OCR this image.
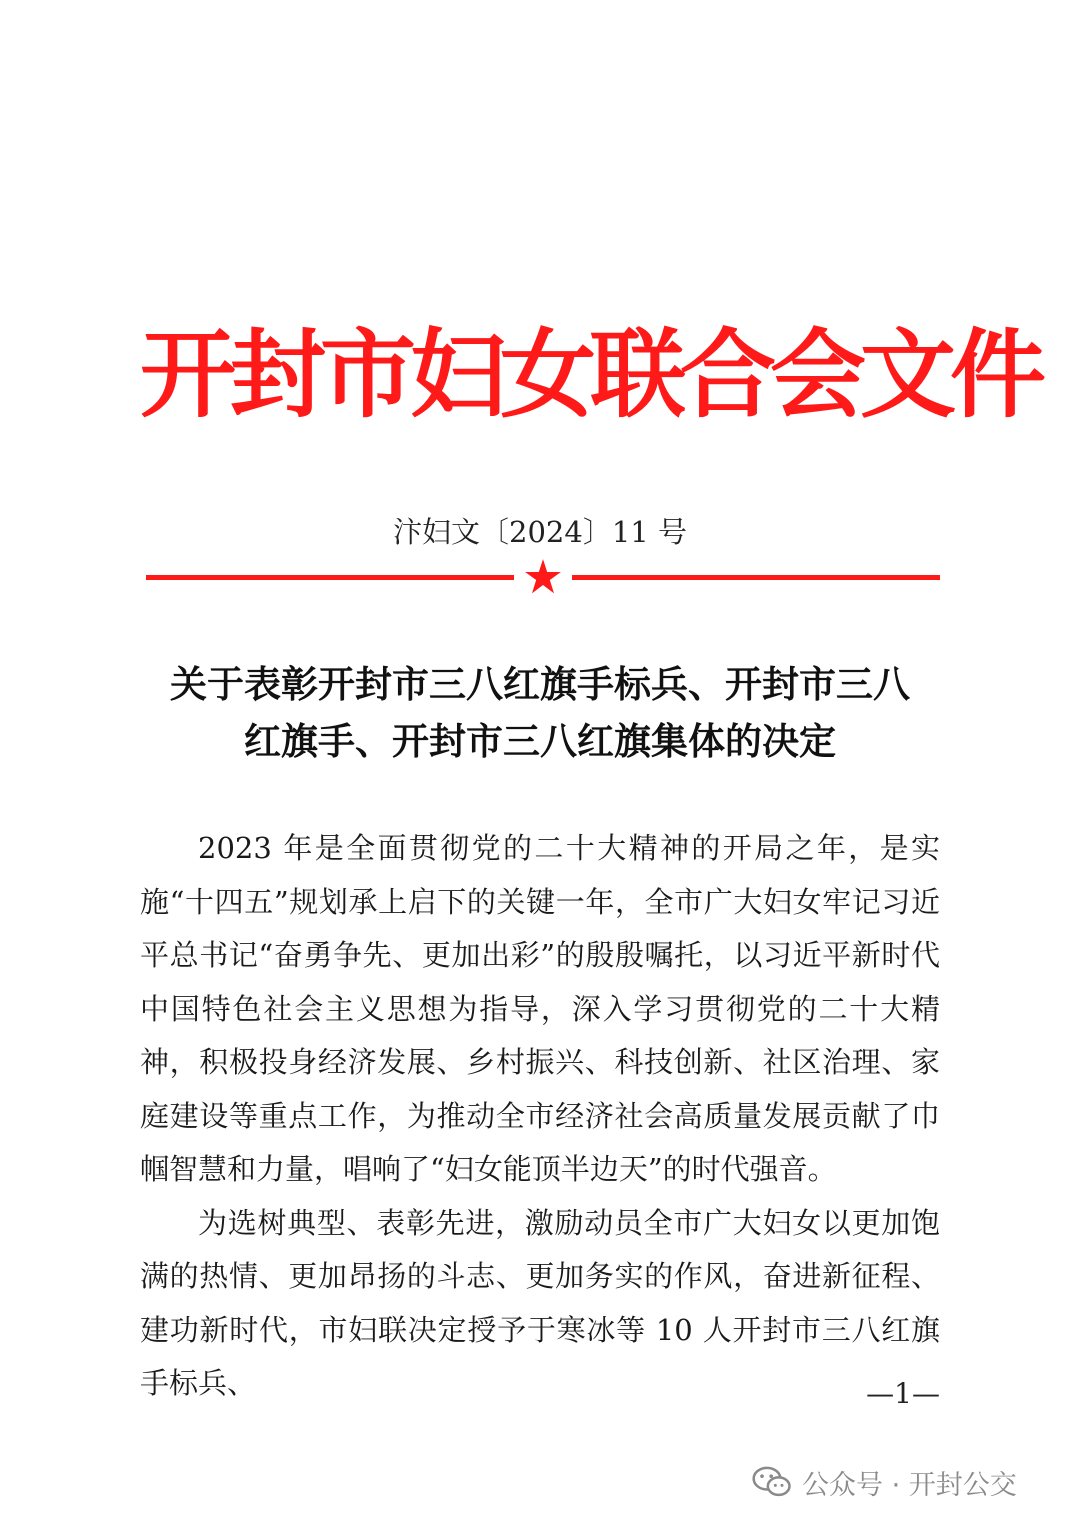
开封市妇女联合会文件
汴妇文〔2024〕11 号
关于表彰开封市三八红旗手标兵、开封市三八
红旗手、开封市三八红旗集体的决定

2023 年是全面贯彻党的二十大精神的开局之年，是实施“十四五”规划承上启下的关键一年，全市广大妇女牢记习近平总书记“奋勇争先、更加出彩”的殷殷嘱托，以习近平新时代中国特色社会主义思想为指导，深入学习贯彻党的二十大精神，积极投身经济发展、乡村振兴、科技创新、社区治理、家庭建设等重点工作，为推动全市经济社会高质量发展贡献了巾帼智慧和力量，唱响了“妇女能顶半边天”的时代强音。

为选树典型、表彰先进，激励动员全市广大妇女以更加饱满的热情、更加昂扬的斗志、更加务实的作风，奋进新征程、建功新时代，市妇联决定授予于寒冰等 10 人开封市三八红旗手标兵、	—1—
公众号 · 开封公交
